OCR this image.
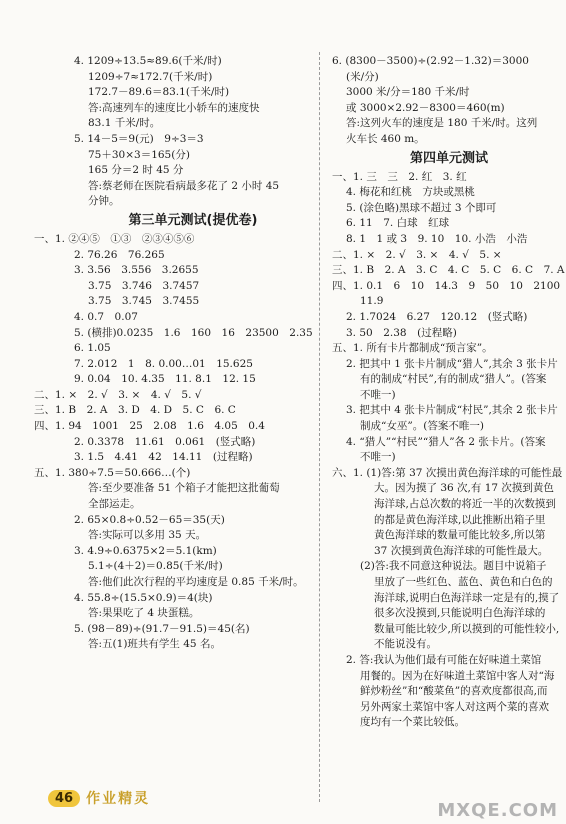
4. 1209÷13.5≈89.6(千米/时)
1209÷7≈172.7(千米/时)
172.7－89.6＝83.1(千米/时)
答:高速列车的速度比小轿车的速度快
83.1 千米/时。
5. 14－5＝9(元)　9÷3＝3
75＋30×3＝165(分)
165 分＝2 时 45 分
答:蔡老师在医院看病最多花了 2 小时 45
分钟。
第三单元测试(提优卷)
一、1. ②④⑤　①③　②③④⑤⑥
2. 76.26　76.265
3. 3.56　3.556　3.2655
3.75　3.746　3.7457
3.75　3.745　3.7455
4. 0.7　0.07
5. (横排)0.0235　1.6　160　16　23500　2.35
6. 1.05
7. 2.012　1　8. 0.00…01　15.625
9. 0.04　10. 4.35　11. 8.1　12. 15
二、1. ×　2. √　3. ×　4. √　5. √
三、1. B　2. A　3. D　4. D　5. C　6. C
四、1. 94　1001　25　2.08　1.6　4.05　0.4
2. 0.3378　11.61　0.061　(竖式略)
3. 1.5　4.41　42　14.11　(过程略)
五、1. 380÷7.5＝50.666…(个)
答:至少要准备 51 个箱子才能把这批葡萄
全部运走。
2. 65×0.8÷0.52－65＝35(天)
答:实际可以多用 35 天。
3. 4.9÷0.6375×2＝5.1(km)
5.1÷(4＋2)＝0.85(千米/时)
答:他们此次行程的平均速度是 0.85 千米/时。
4. 55.8÷(15.5×0.9)＝4(块)
答:果果吃了 4 块蛋糕。
5. (98－89)÷(91.7－91.5)＝45(名)
答:五(1)班共有学生 45 名。
6. (8300－3500)÷(2.92－1.32)＝3000
(米/分)
3000 米/分＝180 千米/时
或 3000×2.92－8300＝460(m)
答:这列火车的速度是 180 千米/时。这列
火车长 460 m。
第四单元测试
一、1. 三　三　2. 红　3. 红
4. 梅花和红桃　方块或黑桃
5. (涂色略)黑球不超过 3 个即可
6. 11　7. 白球　红球
8. 1　1 或 3　9. 10　10. 小浩　小浩
二、1. ×　2. √　3. ×　4. √　5. ×
三、1. B　2. A　3. C　4. C　5. C　6. C　7. A
四、1. 0.1　6　10　14.3　9　50　10　2100
11.9
2. 1.7024　6.27　120.12　(竖式略)
3. 50　2.38　(过程略)
五、1. 所有卡片都制成“预言家”。
2. 把其中 1 张卡片制成“猎人”,其余 3 张卡片
有的制成“村民”,有的制成“猎人”。(答案
不唯一)
3. 把其中 4 张卡片制成“村民”,其余 2 张卡片
制成“女巫”。(答案不唯一)
4. “猎人”“村民”“猎人”各 2 张卡片。(答案
不唯一)
六、1. (1)答:第 37 次摸出黄色海洋球的可能性最
大。因为摸了 36 次,有 17 次摸到黄色
海洋球,占总次数的将近一半的次数摸到
的都是黄色海洋球,以此推断出箱子里
黄色海洋球的数量可能比较多,所以第
37 次摸到黄色海洋球的可能性最大。
(2)答:我不同意这种说法。题目中说箱子
里放了一些红色、蓝色、黄色和白色的
海洋球,说明白色海洋球一定是有的,摸了
很多次没摸到,只能说明白色海洋球的
数量可能比较少,所以摸到的可能性较小,
不能说没有。
2. 答:我认为他们最有可能在好味道土菜馆
用餐的。因为在好味道土菜馆中客人对“海
鲜炒粉丝”和“酸菜鱼”的喜欢度都很高,而
另外两家土菜馆中客人对这两个菜的喜欢
度均有一个菜比较低。
46 作业精灵
MXQE.COM
